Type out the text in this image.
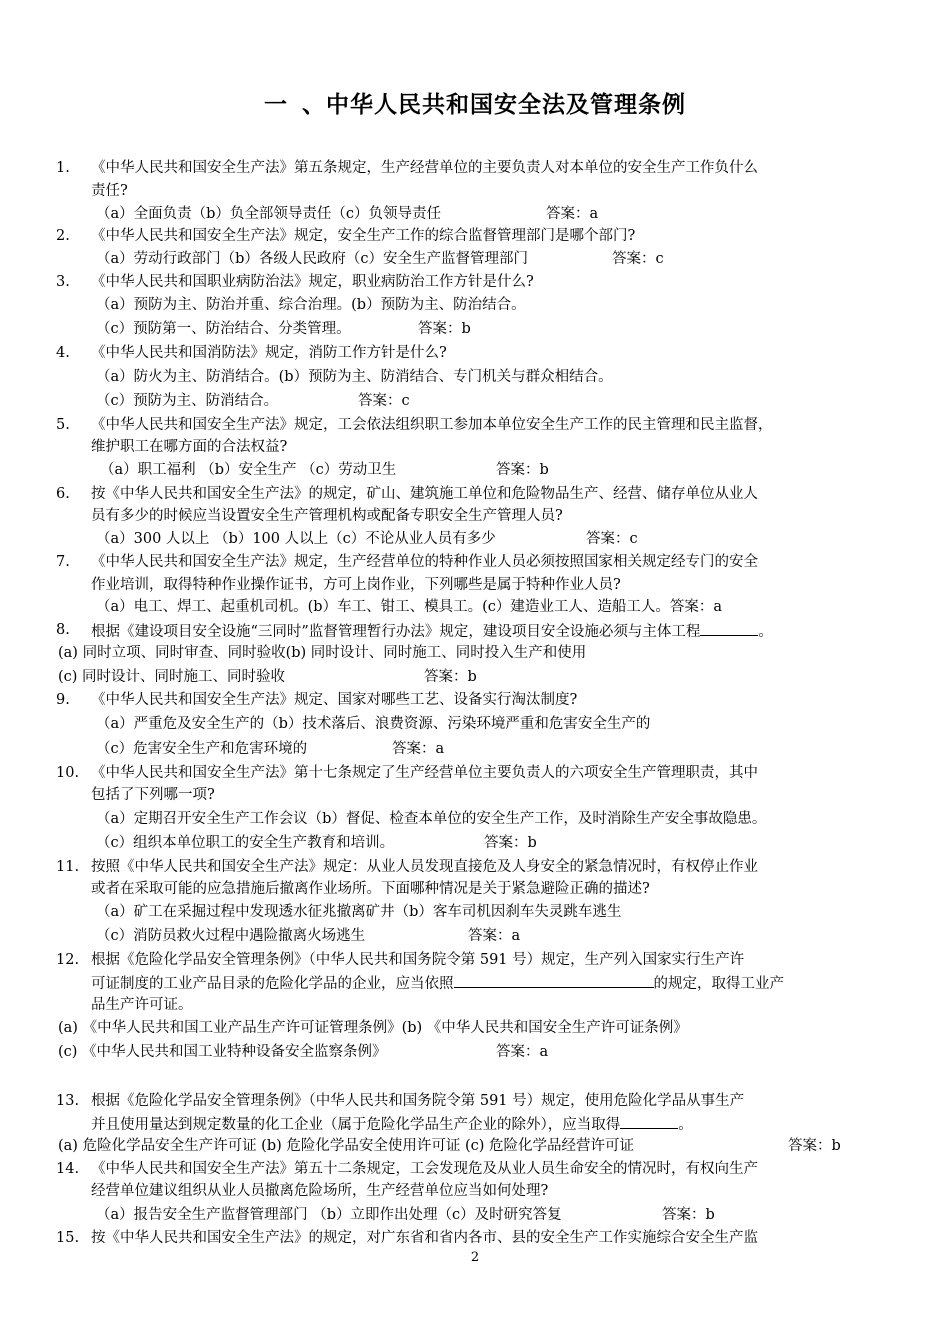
一 、中华人民共和国安全法及管理条例
1. 《中华人民共和国安全生产法》第五条规定，生产经营单位的主要负责人对本单位的安全生产工作负什么
责任?
（a）全面负责（b）负全部领导责任（c）负领导责任	答案：a
2. 《中华人民共和国安全生产法》规定，安全生产工作的综合监督管理部门是哪个部门?
（a）劳动行政部门（b）各级人民政府（c）安全生产监督管理部门	答案：c
3. 《中华人民共和国职业病防治法》规定，职业病防治工作方针是什么?
（a）预防为主、防治并重、综合治理。(b）预防为主、防治结合。
（c）预防第一、防治结合、分类管理。	答案：b
4. 《中华人民共和国消防法》规定，消防工作方针是什么?
（a）防火为主、防消结合。(b）预防为主、防消结合、专门机关与群众相结合。
（c）预防为主、防消结合。	答案：c
5. 《中华人民共和国安全生产法》规定，工会依法组织职工参加本单位安全生产工作的民主管理和民主监督，
维护职工在哪方面的合法权益?
（a）职工福利 （b）安全生产 （c）劳动卫生	答案：b
6. 按《中华人民共和国安全生产法》的规定，矿山、建筑施工单位和危险物品生产、经营、储存单位从业人
员有多少的时候应当设置安全生产管理机构或配备专职安全生产管理人员?
（a）300 人以上 （b）100 人以上（c）不论从业人员有多少	答案：c
7. 《中华人民共和国安全生产法》规定，生产经营单位的特种作业人员必须按照国家相关规定经专门的安全
作业培训，取得特种作业操作证书，方可上岗作业，下列哪些是属于特种作业人员?
（a）电工、焊工、起重机司机。(b）车工、钳工、模具工。(c）建造业工人、造船工人。答案：a
8. 根据《建设项目安全设施“三同时”监督管理暂行办法》规定，建设项目安全设施必须与主体工程	。
(a) 同时立项、同时审查、同时验收(b) 同时设计、同时施工、同时投入生产和使用
(c) 同时设计、同时施工、同时验收	答案：b
9. 《中华人民共和国安全生产法》规定、国家对哪些工艺、设备实行淘汰制度?
（a）严重危及安全生产的（b）技术落后、浪费资源、污染环境严重和危害安全生产的
（c）危害安全生产和危害环境的	答案：a
10. 《中华人民共和国安全生产法》第十七条规定了生产经营单位主要负责人的六项安全生产管理职责，其中
包括了下列哪一项?
（a）定期召开安全生产工作会议（b）督促、检查本单位的安全生产工作，及时消除生产安全事故隐患。
（c）组织本单位职工的安全生产教育和培训。	答案：b
11. 按照《中华人民共和国安全生产法》规定：从业人员发现直接危及人身安全的紧急情况时，有权停止作业
或者在采取可能的应急措施后撤离作业场所。下面哪种情况是关于紧急避险正确的描述?
（a）矿工在采掘过程中发现透水征兆撤离矿井（b）客车司机因刹车失灵跳车逃生
（c）消防员救火过程中遇险撤离火场逃生	答案：a
12. 根据《危险化学品安全管理条例》（中华人民共和国务院令第 591 号）规定，生产列入国家实行生产许
可证制度的工业产品目录的危险化学品的企业，应当依照	的规定，取得工业产
品生产许可证。
(a) 《中华人民共和国工业产品生产许可证管理条例》(b) 《中华人民共和国安全生产许可证条例》
(c) 《中华人民共和国工业特种设备安全监察条例》	答案：a
13. 根据《危险化学品安全管理条例》（中华人民共和国务院令第 591 号）规定，使用危险化学品从事生产
并且使用量达到规定数量的化工企业（属于危险化学品生产企业的除外），应当取得	。
(a) 危险化学品安全生产许可证 (b) 危险化学品安全使用许可证 (c) 危险化学品经营许可证	答案：b
14. 《中华人民共和国安全生产法》第五十二条规定，工会发现危及从业人员生命安全的情况时，有权向生产
经营单位建议组织从业人员撤离危险场所，生产经营单位应当如何处理?
（a）报告安全生产监督管理部门 （b）立即作出处理（c）及时研究答复	答案：b
15. 按《中华人民共和国安全生产法》的规定，对广东省和省内各市、县的安全生产工作实施综合安全生产监
2
